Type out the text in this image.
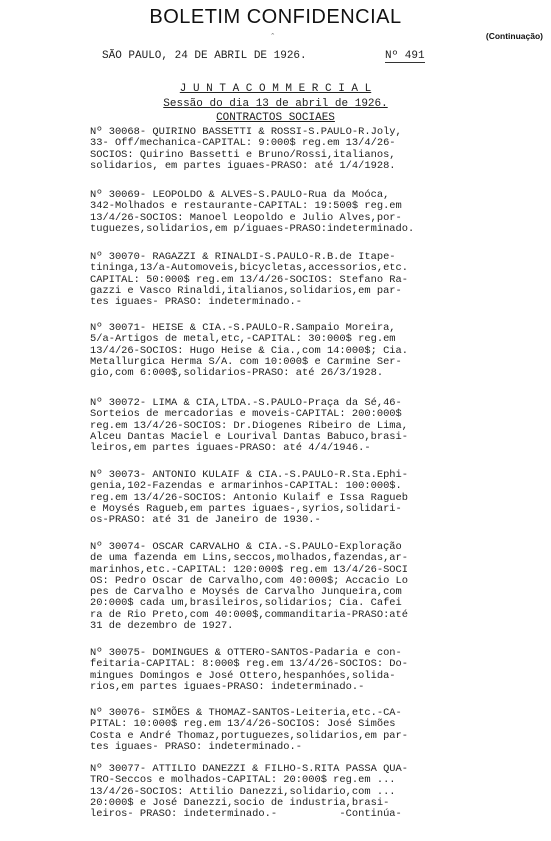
BOLETIM CONFIDENCIAL
ˆ	(Continuação)
SÃO PAULO, 24 DE ABRIL DE 1926.	Nº 491
J U N T A C O M M E R C I A L
Sessão do dia 13 de abril de 1926.
CONTRACTOS SOCIAES
Nº 30068- QUIRINO BASSETTI & ROSSI-S.PAULO-R.Joly,
33- Off/mechanica-CAPITAL: 9:000$ reg.em 13/4/26-
SOCIOS: Quirino Bassetti e Bruno/Rossi,italianos,
solidarios, em partes iguaes-PRASO: até 1/4/1928.
Nº 30069- LEOPOLDO & ALVES-S.PAULO-Rua da Moóca,
342-Molhados e restaurante-CAPITAL: 19:500$ reg.em
13/4/26-SOCIOS: Manoel Leopoldo e Julio Alves,por-
tuguezes,solidarios,em p/iguaes-PRASO:indeterminado.
Nº 30070- RAGAZZI & RINALDI-S.PAULO-R.B.de Itape-
tininga,13/a-Automoveis,bicycletas,accessorios,etc.
CAPITAL: 50:000$ reg.em 13/4/26-SOCIOS: Stefano Ra-
gazzi e Vasco Rinaldi,italianos,solidarios,em par-
tes iguaes- PRASO: indeterminado.-
Nº 30071- HEISE & CIA.-S.PAULO-R.Sampaio Moreira,
5/a-Artigos de metal,etc,-CAPITAL: 30:000$ reg.em
13/4/26-SOCIOS: Hugo Heise & Cia.,com 14:000$; Cia.
Metallurgica Herma S/A. com 10:000$ e Carmine Ser-
gio,com 6:000$,solidarios-PRASO: até 26/3/1928.
Nº 30072- LIMA & CIA,LTDA.-S.PAULO-Praça da Sé,46-
Sorteios de mercadorias e moveis-CAPITAL: 200:000$
reg.em 13/4/26-SOCIOS: Dr.Diogenes Ribeiro de Lima,
Alceu Dantas Maciel e Lourival Dantas Babuco,brasi-
leiros,em partes iguaes-PRASO: até 4/4/1946.-
Nº 30073- ANTONIO KULAIF & CIA.-S.PAULO-R.Sta.Ephi-
genia,102-Fazendas e armarinhos-CAPITAL: 100:000$.
reg.em 13/4/26-SOCIOS: Antonio Kulaif e Issa Ragueb
e Moysés Ragueb,em partes iguaes-,syrios,solidari-
os-PRASO: até 31 de Janeiro de 1930.-
Nº 30074- OSCAR CARVALHO & CIA.-S.PAULO-Exploração
de uma fazenda em Lins,seccos,molhados,fazendas,ar-
marinhos,etc.-CAPITAL: 120:000$ reg.em 13/4/26-SOCI
OS: Pedro Oscar de Carvalho,com 40:000$; Accacio Lo
pes de Carvalho e Moysés de Carvalho Junqueira,com
20:000$ cada um,brasileiros,solidarios; Cia. Cafei
ra de Rio Preto,com 40:000$,commanditaria-PRASO:até
31 de dezembro de 1927.
Nº 30075- DOMINGUES & OTTERO-SANTOS-Padaria e con-
feitaria-CAPITAL: 8:000$ reg.em 13/4/26-SOCIOS: Do-
mingues Domingos e José Ottero,hespanhóes,solida-
rios,em partes iguaes-PRASO: indeterminado.-
Nº 30076- SIMÕES & THOMAZ-SANTOS-Leiteria,etc.-CA-
PITAL: 10:000$ reg.em 13/4/26-SOCIOS: José Simões
Costa e André Thomaz,portuguezes,solidarios,em par-
tes iguaes- PRASO: indeterminado.-
Nº 30077- ATTILIO DANEZZI & FILHO-S.RITA PASSA QUA-
TRO-Seccos e molhados-CAPITAL: 20:000$ reg.em ...
13/4/26-SOCIOS: Attilio Danezzi,solidario,com ...
20:000$ e José Danezzi,socio de industria,brasi-
leiros- PRASO: indeterminado.-          -Continúa-
